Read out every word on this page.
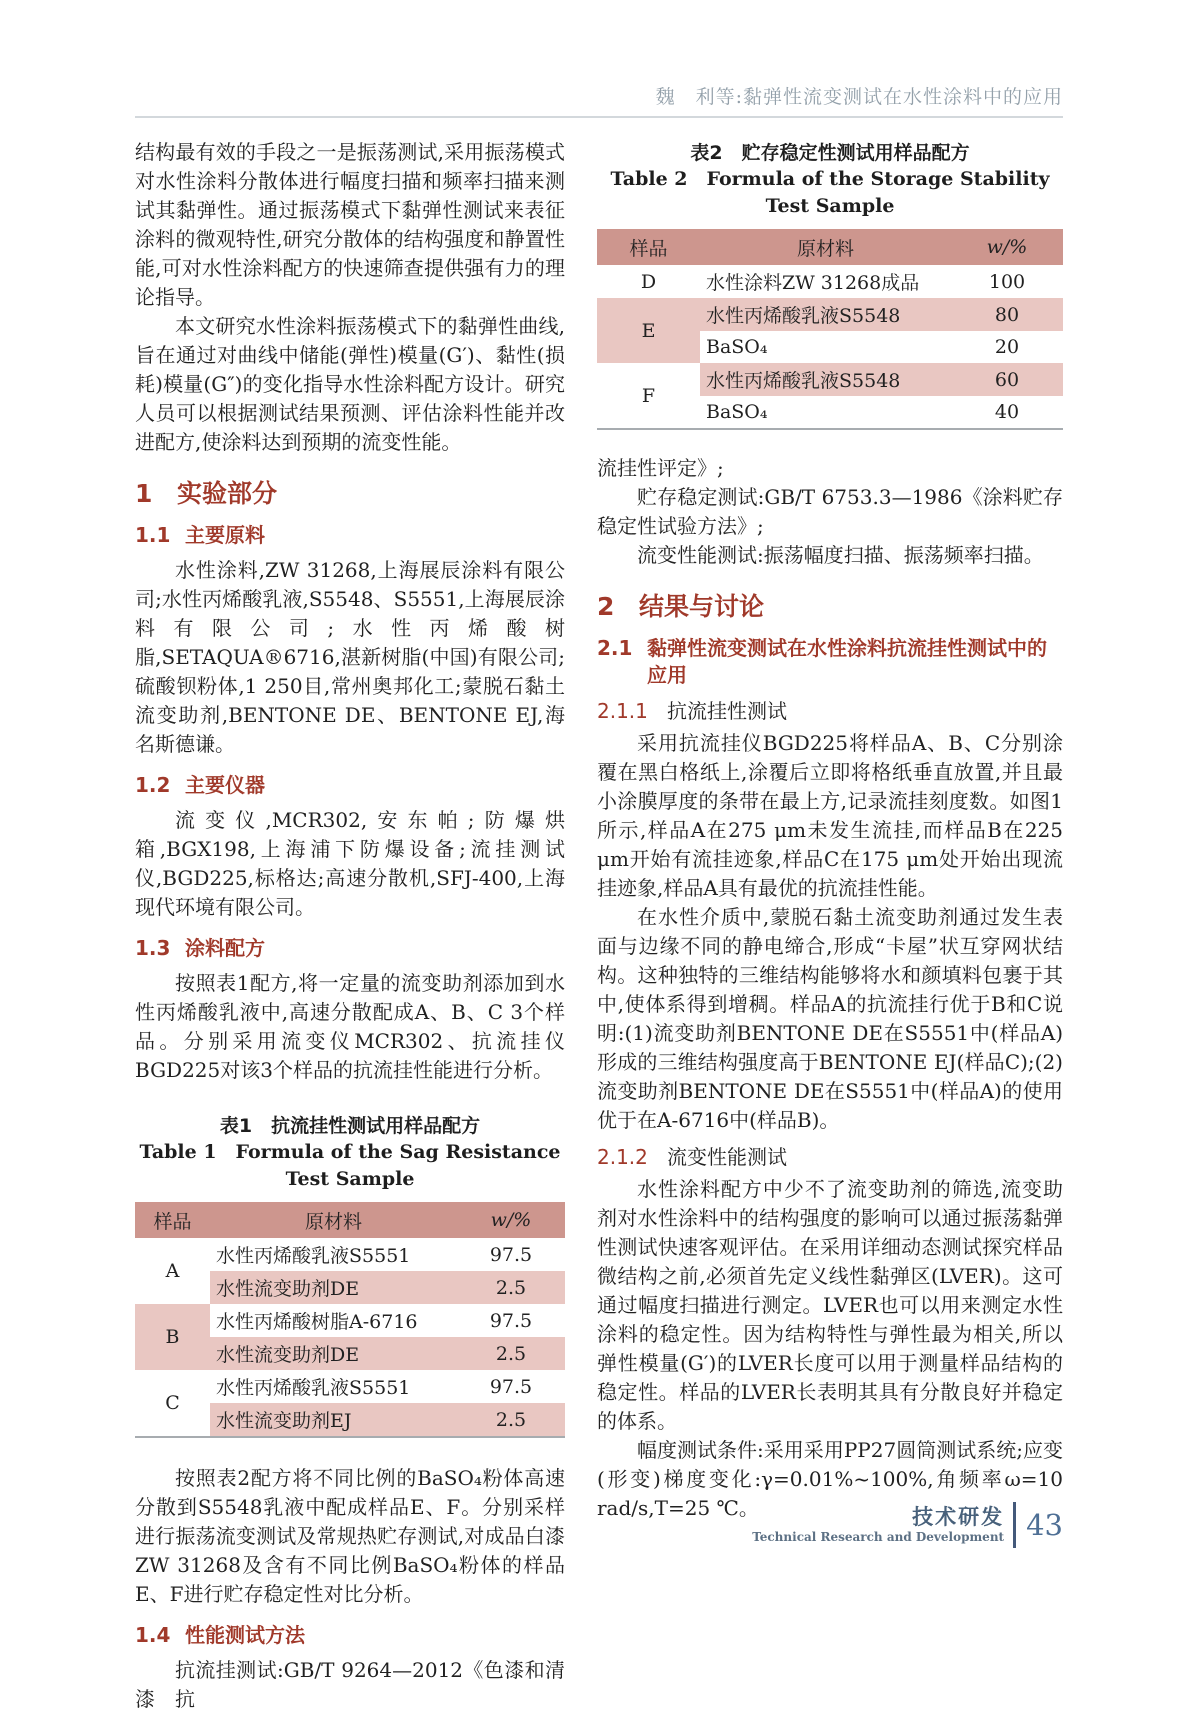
魏　利等:黏弹性流变测试在水性涂料中的应用

结构最有效的手段之一是振荡测试,采用振荡模式对水性涂料分散体进行幅度扫描和频率扫描来测试其黏弹性。通过振荡模式下黏弹性测试来表征涂料的微观特性,研究分散体的结构强度和静置性能,可对水性涂料配方的快速筛查提供强有力的理论指导。

本文研究水性涂料振荡模式下的黏弹性曲线,旨在通过对曲线中储能(弹性)模量(G′)、黏性(损耗)模量(G″)的变化指导水性涂料配方设计。研究人员可以根据测试结果预测、评估涂料性能并改进配方,使涂料达到预期的流变性能。

1 实验部分
1.1 主要原料

水性涂料,ZW 31268,上海展辰涂料有限公司;水性丙烯酸乳液,S5548、S5551,上海展辰涂料有限公司;水性丙烯酸树脂,SETAQUA®6716,湛新树脂(中国)有限公司;硫酸钡粉体,1 250目,常州奥邦化工;蒙脱石黏土流变助剂,BENTONE DE、BENTONE EJ,海名斯德谦。

1.2 主要仪器

流变仪,MCR302,安东帕;防爆烘箱,BGX198,上海浦下防爆设备;流挂测试仪,BGD225,标格达;高速分散机,SFJ-400,上海现代环境有限公司。

1.3 涂料配方

按照表1配方,将一定量的流变助剂添加到水性丙烯酸乳液中,高速分散配成A、B、C 3个样品。分别采用流变仪MCR302、抗流挂仪BGD225对该3个样品的抗流挂性能进行分析。

表1　抗流挂性测试用样品配方
Table 1　Formula of the Sag Resistance Test Sample
样品	原材料	w/%
A	水性丙烯酸乳液S5551	97.5
	水性流变助剂DE	2.5
B	水性丙烯酸树脂A-6716	97.5
	水性流变助剂DE	2.5
C	水性丙烯酸乳液S5551	97.5
	水性流变助剂EJ	2.5

按照表2配方将不同比例的BaSO₄粉体高速分散到S5548乳液中配成样品E、F。分别采样进行振荡流变测试及常规热贮存测试,对成品白漆ZW 31268及含有不同比例BaSO₄粉体的样品E、F进行贮存稳定性对比分析。

1.4 性能测试方法

抗流挂测试:GB/T 9264—2012《色漆和清漆　抗

表2　贮存稳定性测试用样品配方
Table 2　Formula of the Storage Stability Test Sample
样品	原材料	w/%
D	水性涂料ZW 31268成品	100
E	水性丙烯酸乳液S5548	80
	BaSO₄	20
F	水性丙烯酸乳液S5548	60
	BaSO₄	40

流挂性评定》;

贮存稳定测试:GB/T 6753.3—1986《涂料贮存稳定性试验方法》;

流变性能测试:振荡幅度扫描、振荡频率扫描。

2 结果与讨论
2.1 黏弹性流变测试在水性涂料抗流挂性测试中的应用
2.1.1 抗流挂性测试

采用抗流挂仪BGD225将样品A、B、C分别涂覆在黑白格纸上,涂覆后立即将格纸垂直放置,并且最小涂膜厚度的条带在最上方,记录流挂刻度数。如图1所示,样品A在275 μm未发生流挂,而样品B在225 μm开始有流挂迹象,样品C在175 μm处开始出现流挂迹象,样品A具有最优的抗流挂性能。

在水性介质中,蒙脱石黏土流变助剂通过发生表面与边缘不同的静电缔合,形成“卡屋”状互穿网状结构。这种独特的三维结构能够将水和颜填料包裹于其中,使体系得到增稠。样品A的抗流挂行优于B和C说明:(1)流变助剂BENTONE DE在S5551中(样品A)形成的三维结构强度高于BENTONE EJ(样品C);(2)流变助剂BENTONE DE在S5551中(样品A)的使用优于在A-6716中(样品B)。

2.1.2 流变性能测试

水性涂料配方中少不了流变助剂的筛选,流变助剂对水性涂料中的结构强度的影响可以通过振荡黏弹性测试快速客观评估。在采用详细动态测试探究样品微结构之前,必须首先定义线性黏弹区(LVER)。这可通过幅度扫描进行测定。LVER也可以用来测定水性涂料的稳定性。因为结构特性与弹性最为相关,所以弹性模量(G′)的LVER长度可以用于测量样品结构的稳定性。样品的LVER长表明其具有分散良好并稳定的体系。

幅度测试条件:采用采用PP27圆筒测试系统;应变(形变)梯度变化:γ=0.01%~100%,角频率ω=10 rad/s,T=25 ℃。	技术研发
Technical Research and Development 43
